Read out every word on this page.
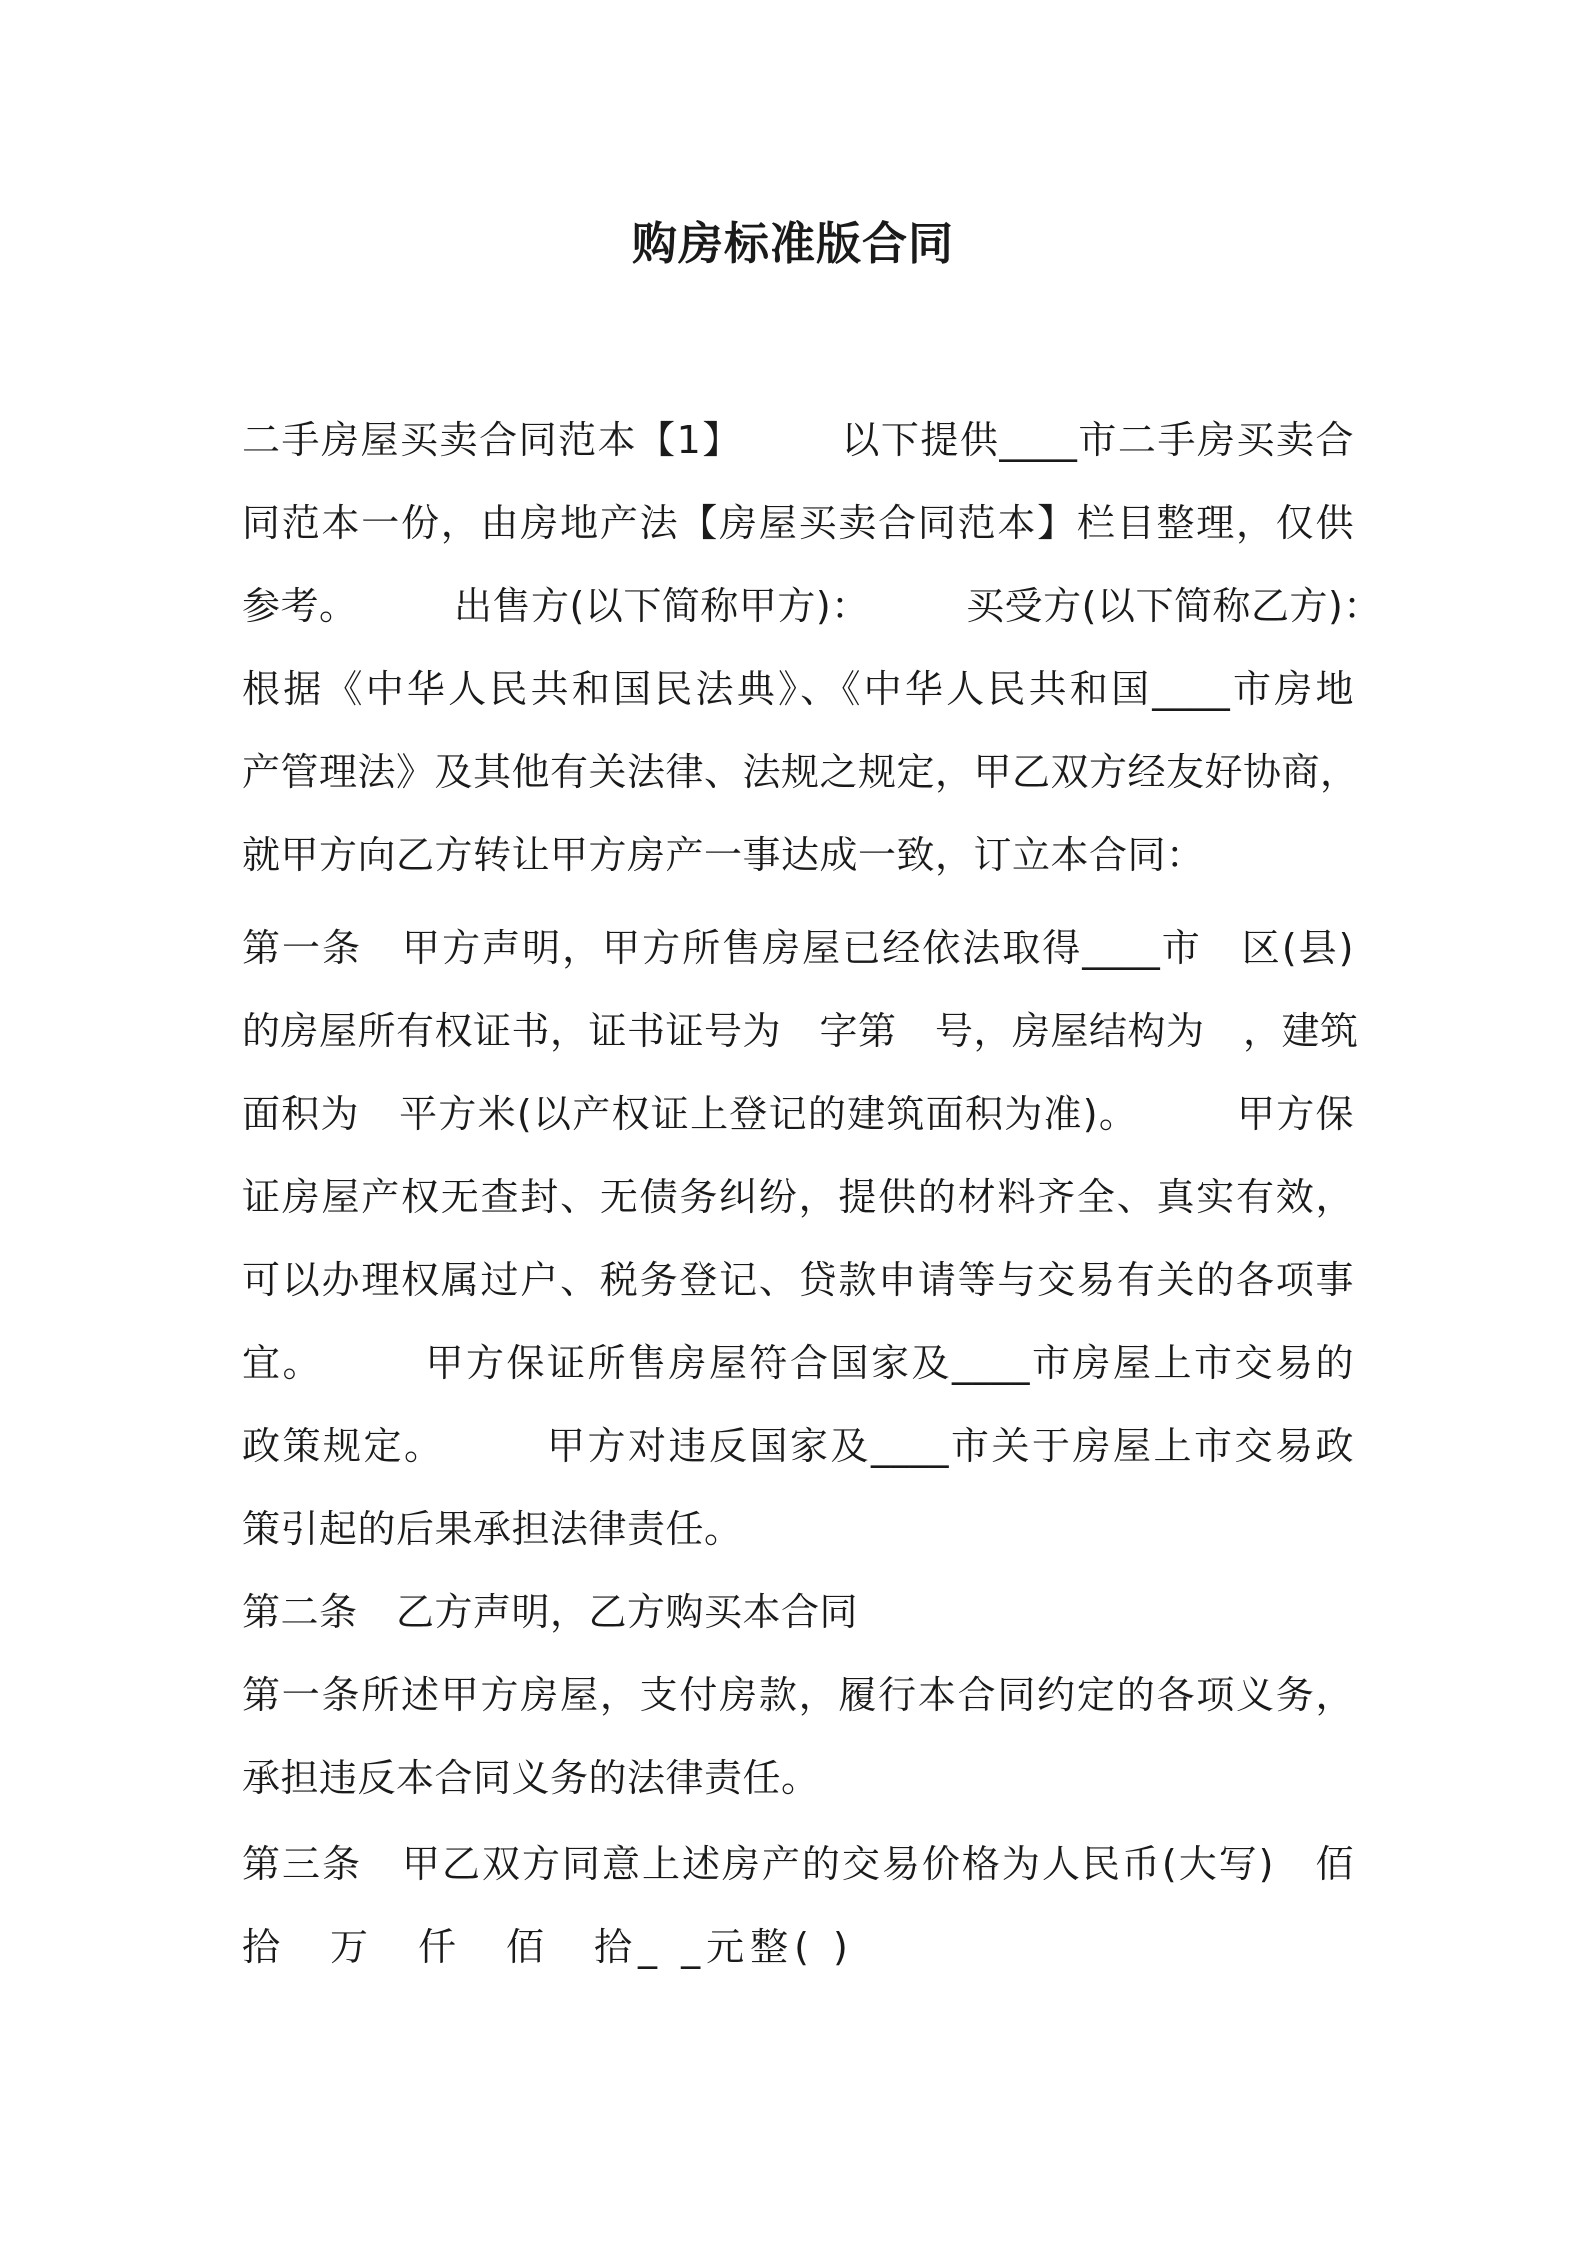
购房标准版合同
二手房屋买卖合同范本【1】　　　以下提供____市二手房买卖合
同范本一份，由房地产法【房屋买卖合同范本】栏目整理，仅供
参考。　　　出售方(以下简称甲方)：　　　买受方(以下简称乙方)：
根据《中华人民共和国民法典》、《中华人民共和国____市房地
产管理法》及其他有关法律、法规之规定，甲乙双方经友好协商，
就甲方向乙方转让甲方房产一事达成一致，订立本合同：
第一条　甲方声明，甲方所售房屋已经依法取得____市　区(县)
的房屋所有权证书，证书证号为　字第　号，房屋结构为　，建筑
面积为　平方米(以产权证上登记的建筑面积为准)。　　　甲方保
证房屋产权无查封、无债务纠纷，提供的材料齐全、真实有效，
可以办理权属过户、税务登记、贷款申请等与交易有关的各项事
宜。　　　甲方保证所售房屋符合国家及____市房屋上市交易的
政策规定。　　　甲方对违反国家及____市关于房屋上市交易政
策引起的后果承担法律责任。
第二条　乙方声明，乙方购买本合同
第一条所述甲方房屋，支付房款，履行本合同约定的各项义务，
承担违反本合同义务的法律责任。
第三条　甲乙双方同意上述房产的交易价格为人民币(大写)　佰
拾　万　仟　佰　拾_ _元整( )
